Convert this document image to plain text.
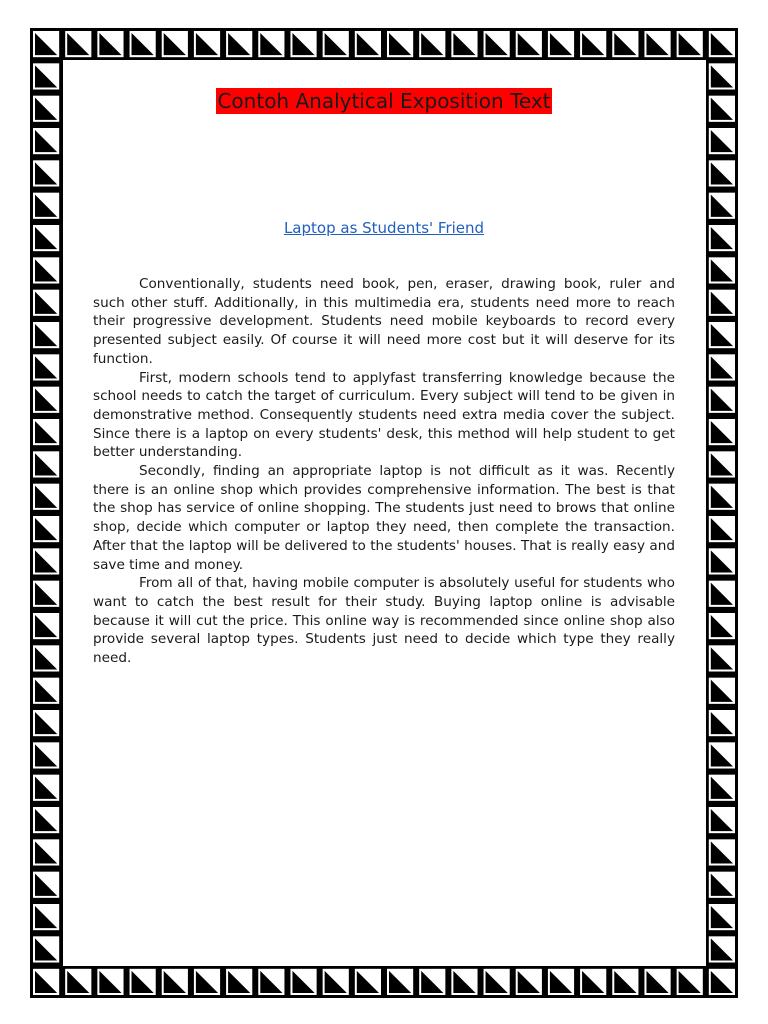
Contoh Analytical Exposition Text
Laptop as Students' Friend

Conventionally, students need book, pen, eraser, drawing book, ruler and such other stuff. Additionally, in this multimedia era, students need more to reach their progressive development. Students need mobile keyboards to record every presented subject easily. Of course it will need more cost but it will deserve for its function.

First, modern schools tend to applyfast transferring knowledge because the school needs to catch the target of curriculum. Every subject will tend to be given in demonstrative method. Consequently students need extra media cover the subject. Since there is a laptop on every students' desk, this method will help student to get better understanding.

Secondly, finding an appropriate laptop is not difficult as it was. Recently there is an online shop which provides comprehensive information. The best is that the shop has service of online shopping. The students just need to brows that online shop, decide which computer or laptop they need, then complete the transaction. After that the laptop will be delivered to the students' houses. That is really easy and save time and money.

From all of that, having mobile computer is absolutely useful for students who want to catch the best result for their study. Buying laptop online is advisable because it will cut the price. This online way is recommended since online shop also provide several laptop types. Students just need to decide which type they really need.
